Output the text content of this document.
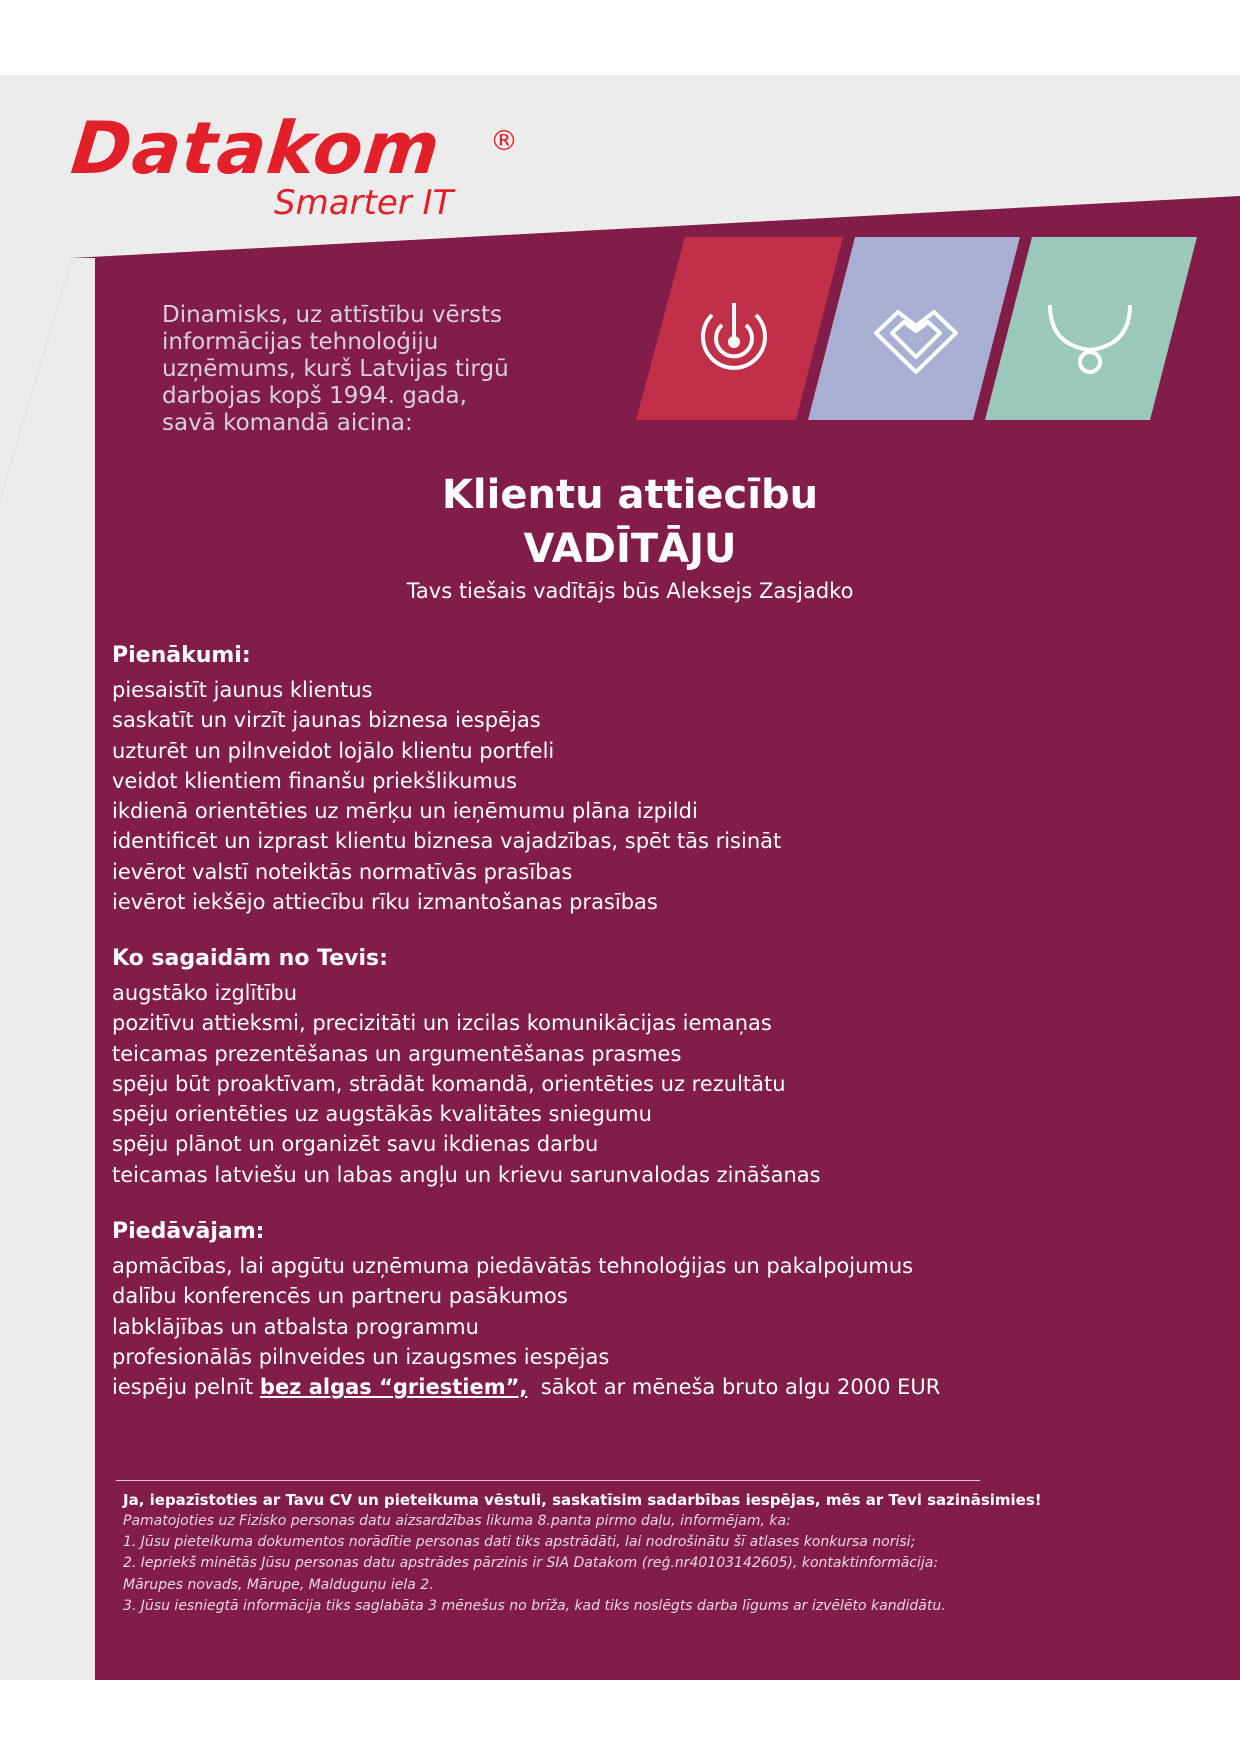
Datakom ®
Smarter IT
Dinamisks, uz attīstību vērsts
informācijas tehnoloģiju
uzņēmums, kurš Latvijas tirgū
darbojas kopš 1994. gada,
savā komandā aicina:
Klientu attiecību
VADĪTĀJU
Tavs tiešais vadītājs būs Aleksejs Zasjadko
Pienākumi:
piesaistīt jaunus klientus
saskatīt un virzīt jaunas biznesa iespējas
uzturēt un pilnveidot lojālo klientu portfeli
veidot klientiem finanšu priekšlikumus
ikdienā orientēties uz mērķu un ieņēmumu plāna izpildi
identificēt un izprast klientu biznesa vajadzības, spēt tās risināt
ievērot valstī noteiktās normatīvās prasības
ievērot iekšējo attiecību rīku izmantošanas prasības
Ko sagaidām no Tevis:
augstāko izglītību
pozitīvu attieksmi, precizitāti un izcilas komunikācijas iemaņas
teicamas prezentēšanas un argumentēšanas prasmes
spēju būt proaktīvam, strādāt komandā, orientēties uz rezultātu
spēju orientēties uz augstākās kvalitātes sniegumu
spēju plānot un organizēt savu ikdienas darbu
teicamas latviešu un labas angļu un krievu sarunvalodas zināšanas
Piedāvājam:
apmācības, lai apgūtu uzņēmuma piedāvātās tehnoloģijas un pakalpojumus
dalību konferencēs un partneru pasākumos
labklājības un atbalsta programmu
profesionālās pilnveides un izaugsmes iespējas
iespēju pelnīt bez algas “griestiem”,  sākot ar mēneša bruto algu 2000 EUR
Ja, iepazīstoties ar Tavu CV un pieteikuma vēstuli, saskatīsim sadarbības iespējas, mēs ar Tevi sazināsimies!
Pamatojoties uz Fizisko personas datu aizsardzības likuma 8.panta pirmo daļu, informējam, ka:
1. Jūsu pieteikuma dokumentos norādītie personas dati tiks apstrādāti, lai nodrošinātu šī atlases konkursa norisi;
2. Iepriekš minētās Jūsu personas datu apstrādes pārzinis ir SIA Datakom (reģ.nr40103142605), kontaktinformācija:
Mārupes novads, Mārupe, Malduguņu iela 2.
3. Jūsu iesniegtā informācija tiks saglabāta 3 mēnešus no brīža, kad tiks noslēgts darba līgums ar izvēlēto kandidātu.
